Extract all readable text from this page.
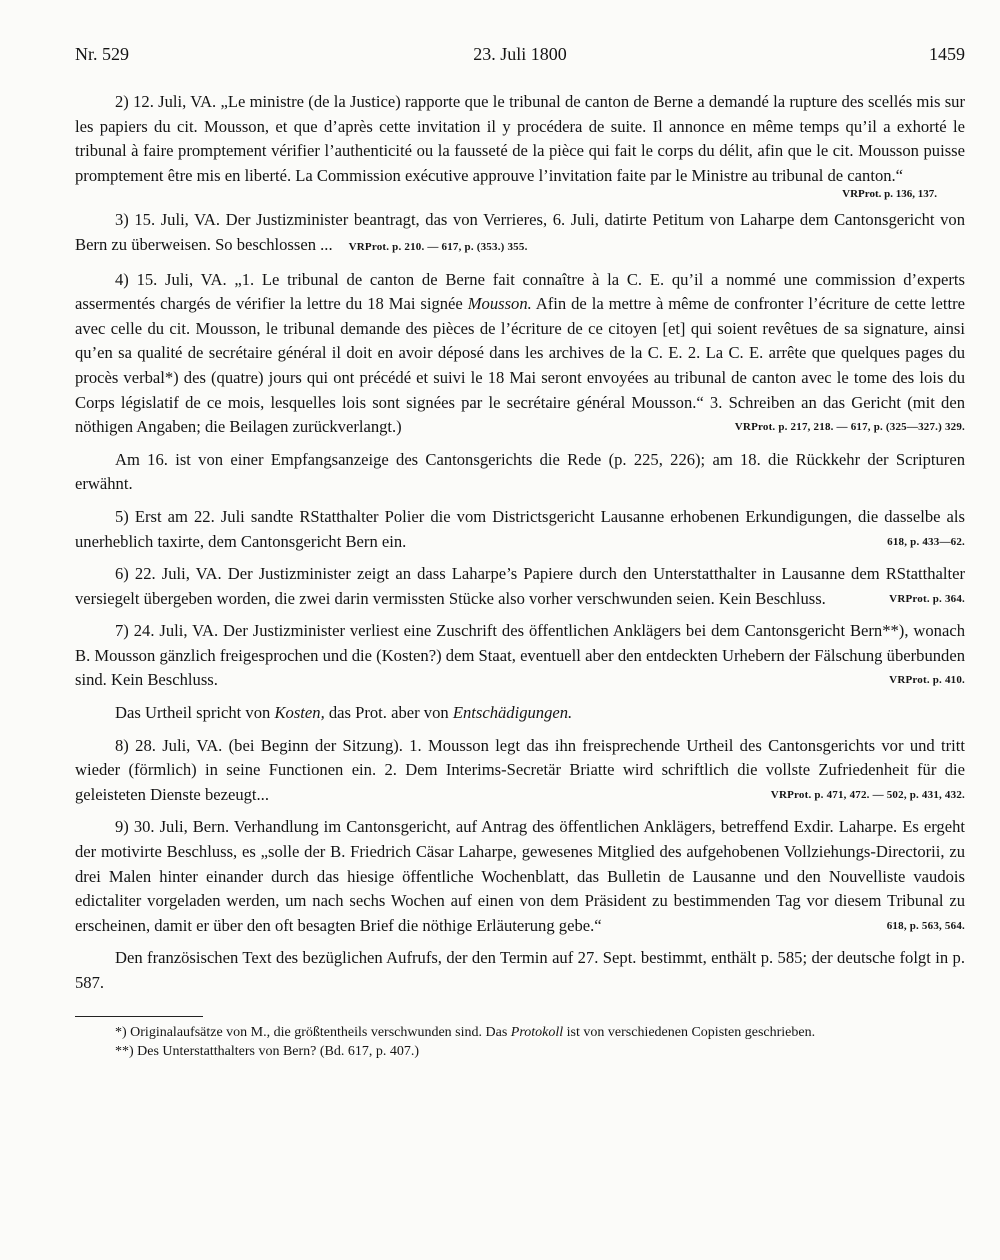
Nr. 529	23. Juli 1800	1459

2) 12. Juli, VA. „Le ministre (de la Justice) rapporte que le tribunal de canton de Berne a demandé la rupture des scellés mis sur les papiers du cit. Mousson, et que d’après cette invitation il y procédera de suite. Il annonce en même temps qu’il a exhorté le tribunal à faire promptement vérifier l’authenticité ou la fausseté de la pièce qui fait le corps du délit, afin que le cit. Mousson puisse promptement être mis en liberté. La Commission exécutive approuve l’invitation faite par le Ministre au tribunal de canton.“

VRProt. p. 136, 137.

3) 15. Juli, VA. Der Justizminister beantragt, das von Verrieres, 6. Juli, datirte Petitum von Laharpe dem Cantonsgericht von Bern zu überweisen. So beschlossen ... VRProt. p. 210. — 617, p. (353.) 355.

4) 15. Juli, VA. „1. Le tribunal de canton de Berne fait connaître à la C. E. qu’il a nommé une commission d’experts assermentés chargés de vérifier la lettre du 18 Mai signée Mousson. Afin de la mettre à même de confronter l’écriture de cette lettre avec celle du cit. Mousson, le tribunal demande des pièces de l’écriture de ce citoyen [et] qui soient revêtues de sa signature, ainsi qu’en sa qualité de secrétaire général il doit en avoir déposé dans les archives de la C. E. 2. La C. E. arrête que quelques pages du procès verbal*) des (quatre) jours qui ont précédé et suivi le 18 Mai seront envoyées au tribunal de canton avec le tome des lois du Corps législatif de ce mois, lesquelles lois sont signées par le secrétaire général Mousson.“ 3. Schreiben an das Gericht (mit den nöthigen Angaben; die Beilagen zurückverlangt.)	VRProt. p. 217, 218. — 617, p. (325—327.) 329.

Am 16. ist von einer Empfangsanzeige des Cantonsgerichts die Rede (p. 225, 226); am 18. die Rückkehr der Scripturen erwähnt.

5) Erst am 22. Juli sandte RStatthalter Polier die vom Districtsgericht Lausanne erhobenen Erkundigungen, die dasselbe als unerheblich taxirte, dem Cantonsgericht Bern ein.	618, p. 433—62.

6) 22. Juli, VA. Der Justizminister zeigt an dass Laharpe’s Papiere durch den Unterstatthalter in Lausanne dem RStatthalter versiegelt übergeben worden, die zwei darin vermissten Stücke also vorher verschwunden seien. Kein Beschluss.	VRProt. p. 364.

7) 24. Juli, VA. Der Justizminister verliest eine Zuschrift des öffentlichen Anklägers bei dem Cantonsgericht Bern**), wonach B. Mousson gänzlich freigesprochen und die (Kosten?) dem Staat, eventuell aber den entdeckten Urhebern der Fälschung überbunden sind. Kein Beschluss.	VRProt. p. 410.

Das Urtheil spricht von Kosten, das Prot. aber von Entschädigungen.

8) 28. Juli, VA. (bei Beginn der Sitzung). 1. Mousson legt das ihn freisprechende Urtheil des Cantonsgerichts vor und tritt wieder (förmlich) in seine Functionen ein. 2. Dem Interims-Secretär Briatte wird schriftlich die vollste Zufriedenheit für die geleisteten Dienste bezeugt...	VRProt. p. 471, 472. — 502, p. 431, 432.

9) 30. Juli, Bern. Verhandlung im Cantonsgericht, auf Antrag des öffentlichen Anklägers, betreffend Exdir. Laharpe. Es ergeht der motivirte Beschluss, es „solle der B. Friedrich Cäsar Laharpe, gewesenes Mitglied des aufgehobenen Vollziehungs-Directorii, zu drei Malen hinter einander durch das hiesige öffentliche Wochenblatt, das Bulletin de Lausanne und den Nouvelliste vaudois edictaliter vorgeladen werden, um nach sechs Wochen auf einen von dem Präsident zu bestimmenden Tag vor diesem Tribunal zu erscheinen, damit er über den oft besagten Brief die nöthige Erläuterung gebe.“	618, p. 563, 564.

Den französischen Text des bezüglichen Aufrufs, der den Termin auf 27. Sept. bestimmt, enthält p. 585; der deutsche folgt in p. 587.

*) Originalaufsätze von M., die größtentheils verschwunden sind. Das Protokoll ist von verschiedenen Copisten geschrieben.

**) Des Unterstatthalters von Bern? (Bd. 617, p. 407.)
